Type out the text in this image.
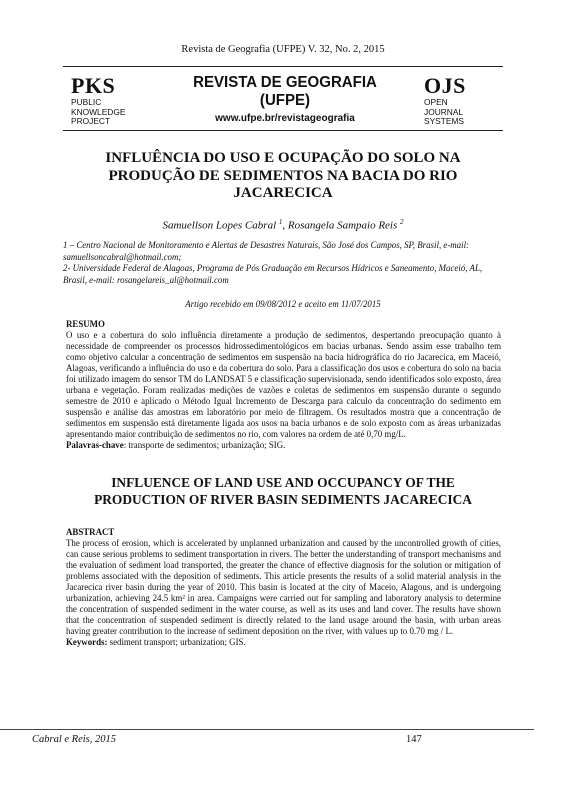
Revista de Geografia (UFPE) V. 32, No. 2, 2015
PKS
PUBLIC
KNOWLEDGE
PROJECT
REVISTA DE GEOGRAFIA
(UFPE)
www.ufpe.br/revistageografia
OJS
OPEN
JOURNAL
SYSTEMS
INFLUÊNCIA DO USO E OCUPAÇÃO DO SOLO NA PRODUÇÃO DE SEDIMENTOS NA BACIA DO RIO JACARECICA
Samuellson Lopes Cabral $^1$, Rosangela Sampaio Reis $^2$
1 – Centro Nacional de Monitoramento e Alertas de Desastres Naturais, São José dos Campos, SP, Brasil, e-mail: samuellsoncabral@hotmail.com;
2- Universidade Federal de Alagoas, Programa de Pós Graduação em Recursos Hídricos e Saneamento, Maceió, AL, Brasil, e-mail: rosangelareis_al@hotmail.com
Artigo recebido em 09/08/2012 e aceito em 11/07/2015
RESUMO
O uso e a cobertura do solo influência diretamente a produção de sedimentos, despertando preocupação quanto à necessidade de compreender os processos hidrossedimentológicos em bacias urbanas. Sendo assim esse trabalho tem como objetivo calcular a concentração de sedimentos em suspensão na bacia hidrográfica do rio Jacarecica, em Maceió, Alagoas, verificando a influência do uso e da cobertura do solo. Para a classificação dos usos e cobertura do solo na bacia foi utilizado imagem do sensor TM do LANDSAT 5 e classificação supervisionada, sendo identificados solo exposto, área urbana e vegetação. Foram realizadas medições de vazões e coletas de sedimentos em suspensão durante o segundo semestre de 2010 e aplicado o Método Igual Incremento de Descarga para calculo da concentração do sedimento em suspensão e análise das amostras em laboratório por meio de filtragem. Os resultados mostra que a concentração de sedimentos em suspensão está diretamente ligada aos usos na bacia urbanos e de solo exposto com as áreas urbanizadas apresentando maior contribuição de sedimentos no rio, com valores na ordem de até 0,70 mg/L.
Palavras-chave: transporte de sedimentos; urbanização; SIG.
INFLUENCE OF LAND USE AND OCCUPANCY OF THE PRODUCTION OF RIVER BASIN SEDIMENTS JACARECICA
ABSTRACT
The process of erosion, which is accelerated by unplanned urbanization and caused by the uncontrolled growth of cities, can cause serious problems to sediment transportation in rivers. The better the understanding of transport mechanisms and the evaluation of sediment load transported, the greater the chance of effective diagnosis for the solution or mitigation of problems associated with the deposition of sediments. This article presents the results of a solid material analysis in the Jacarecica river basin during the year of 2010. This basin is located at the city of Maceio, Alagous, and is undergoing urbanization, achieving 24.5 km² in area. Campaigns were carried out for sampling and laboratory analysis to determine the concentration of suspended sediment in the water course, as well as its uses and land cover. The results have shown that the concentration of suspended sediment is directly related to the land usage around the basin, with urban areas having greater contribution to the increase of sediment deposition on the river, with values up to 0.70 mg / L.
Keywords: sediment transport; urbanization; GIS.
Cabral e Reis, 2015	147
